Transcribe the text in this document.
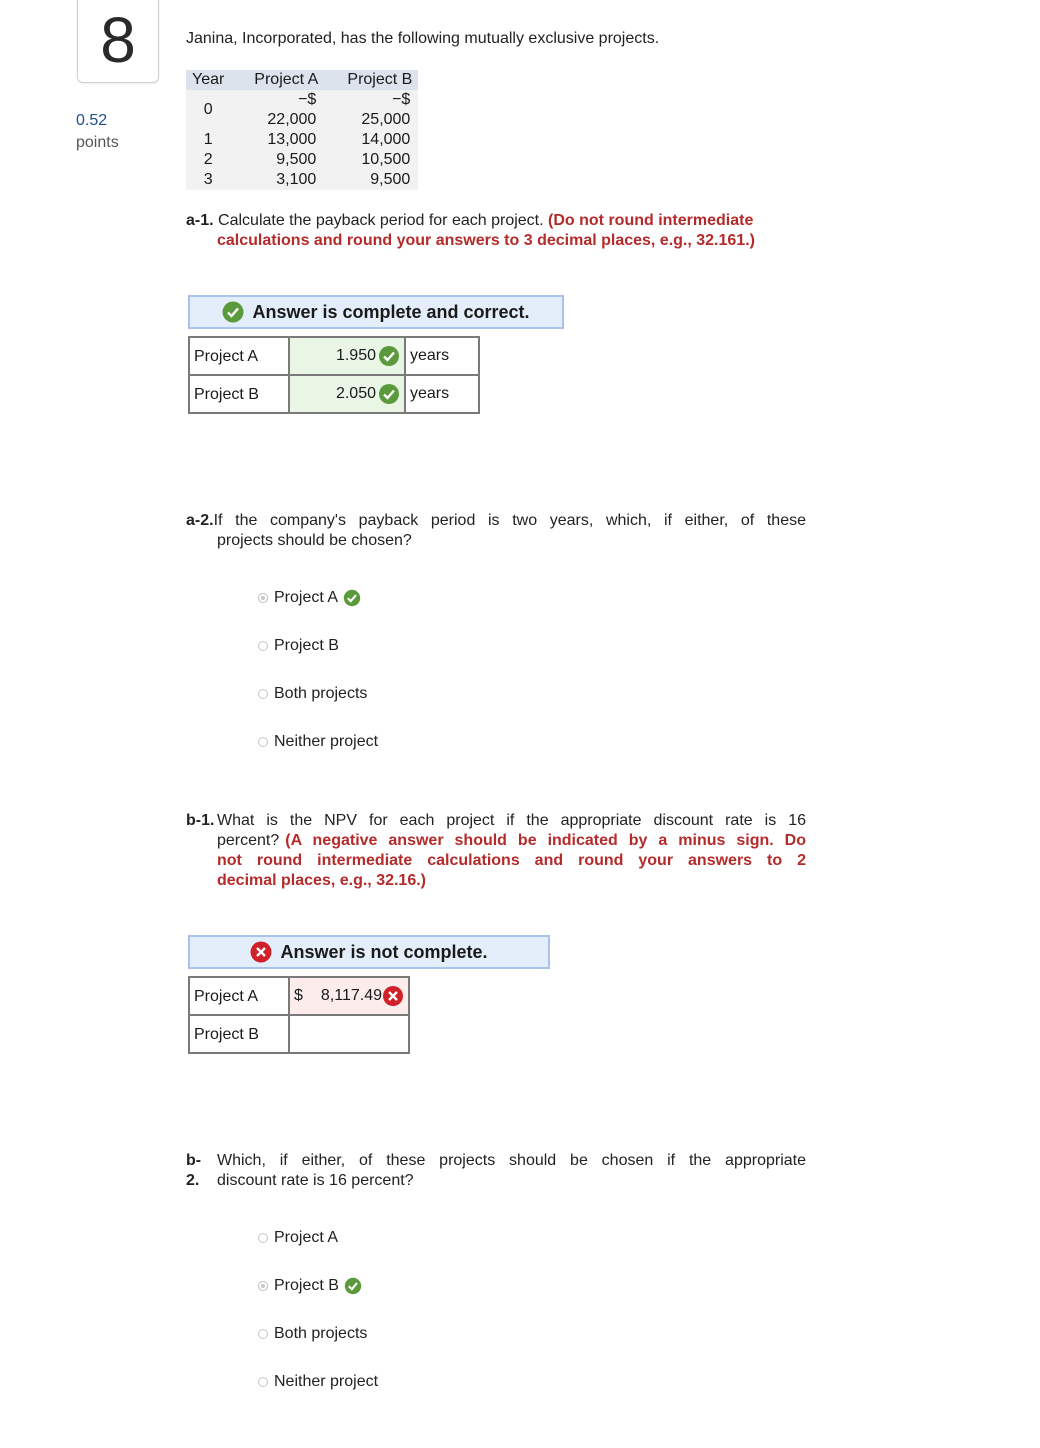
8
0.52
points
Janina, Incorporated, has the following mutually exclusive projects.
Year	Project A	Project B
0	−$	−$
	22,000	25,000
1	13,000	14,000
2	9,500	10,500
3	3,100	9,500
a-1. Calculate the payback period for each project. (Do not round intermediate
calculations and round your answers to 3 decimal places, e.g., 32.161.)
Answer is complete and correct.
Project A	1.950	years
Project B	2.050	years
a-2. If the company's payback period is two years, which, if either, of these
projects should be chosen?
Project A
Project B
Both projects
Neither project
b-1. What is the NPV for each project if the appropriate discount rate is 16
percent? (A negative answer should be indicated by a minus sign. Do
not round intermediate calculations and round your answers to 2
decimal places, e.g., 32.16.)
Answer is not complete.
Project A	$ 8,117.49

Project B	
b- Which, if either, of these projects should be chosen if the appropriate
2.	discount rate is 16 percent?
Project A
Project B
Both projects
Neither project
